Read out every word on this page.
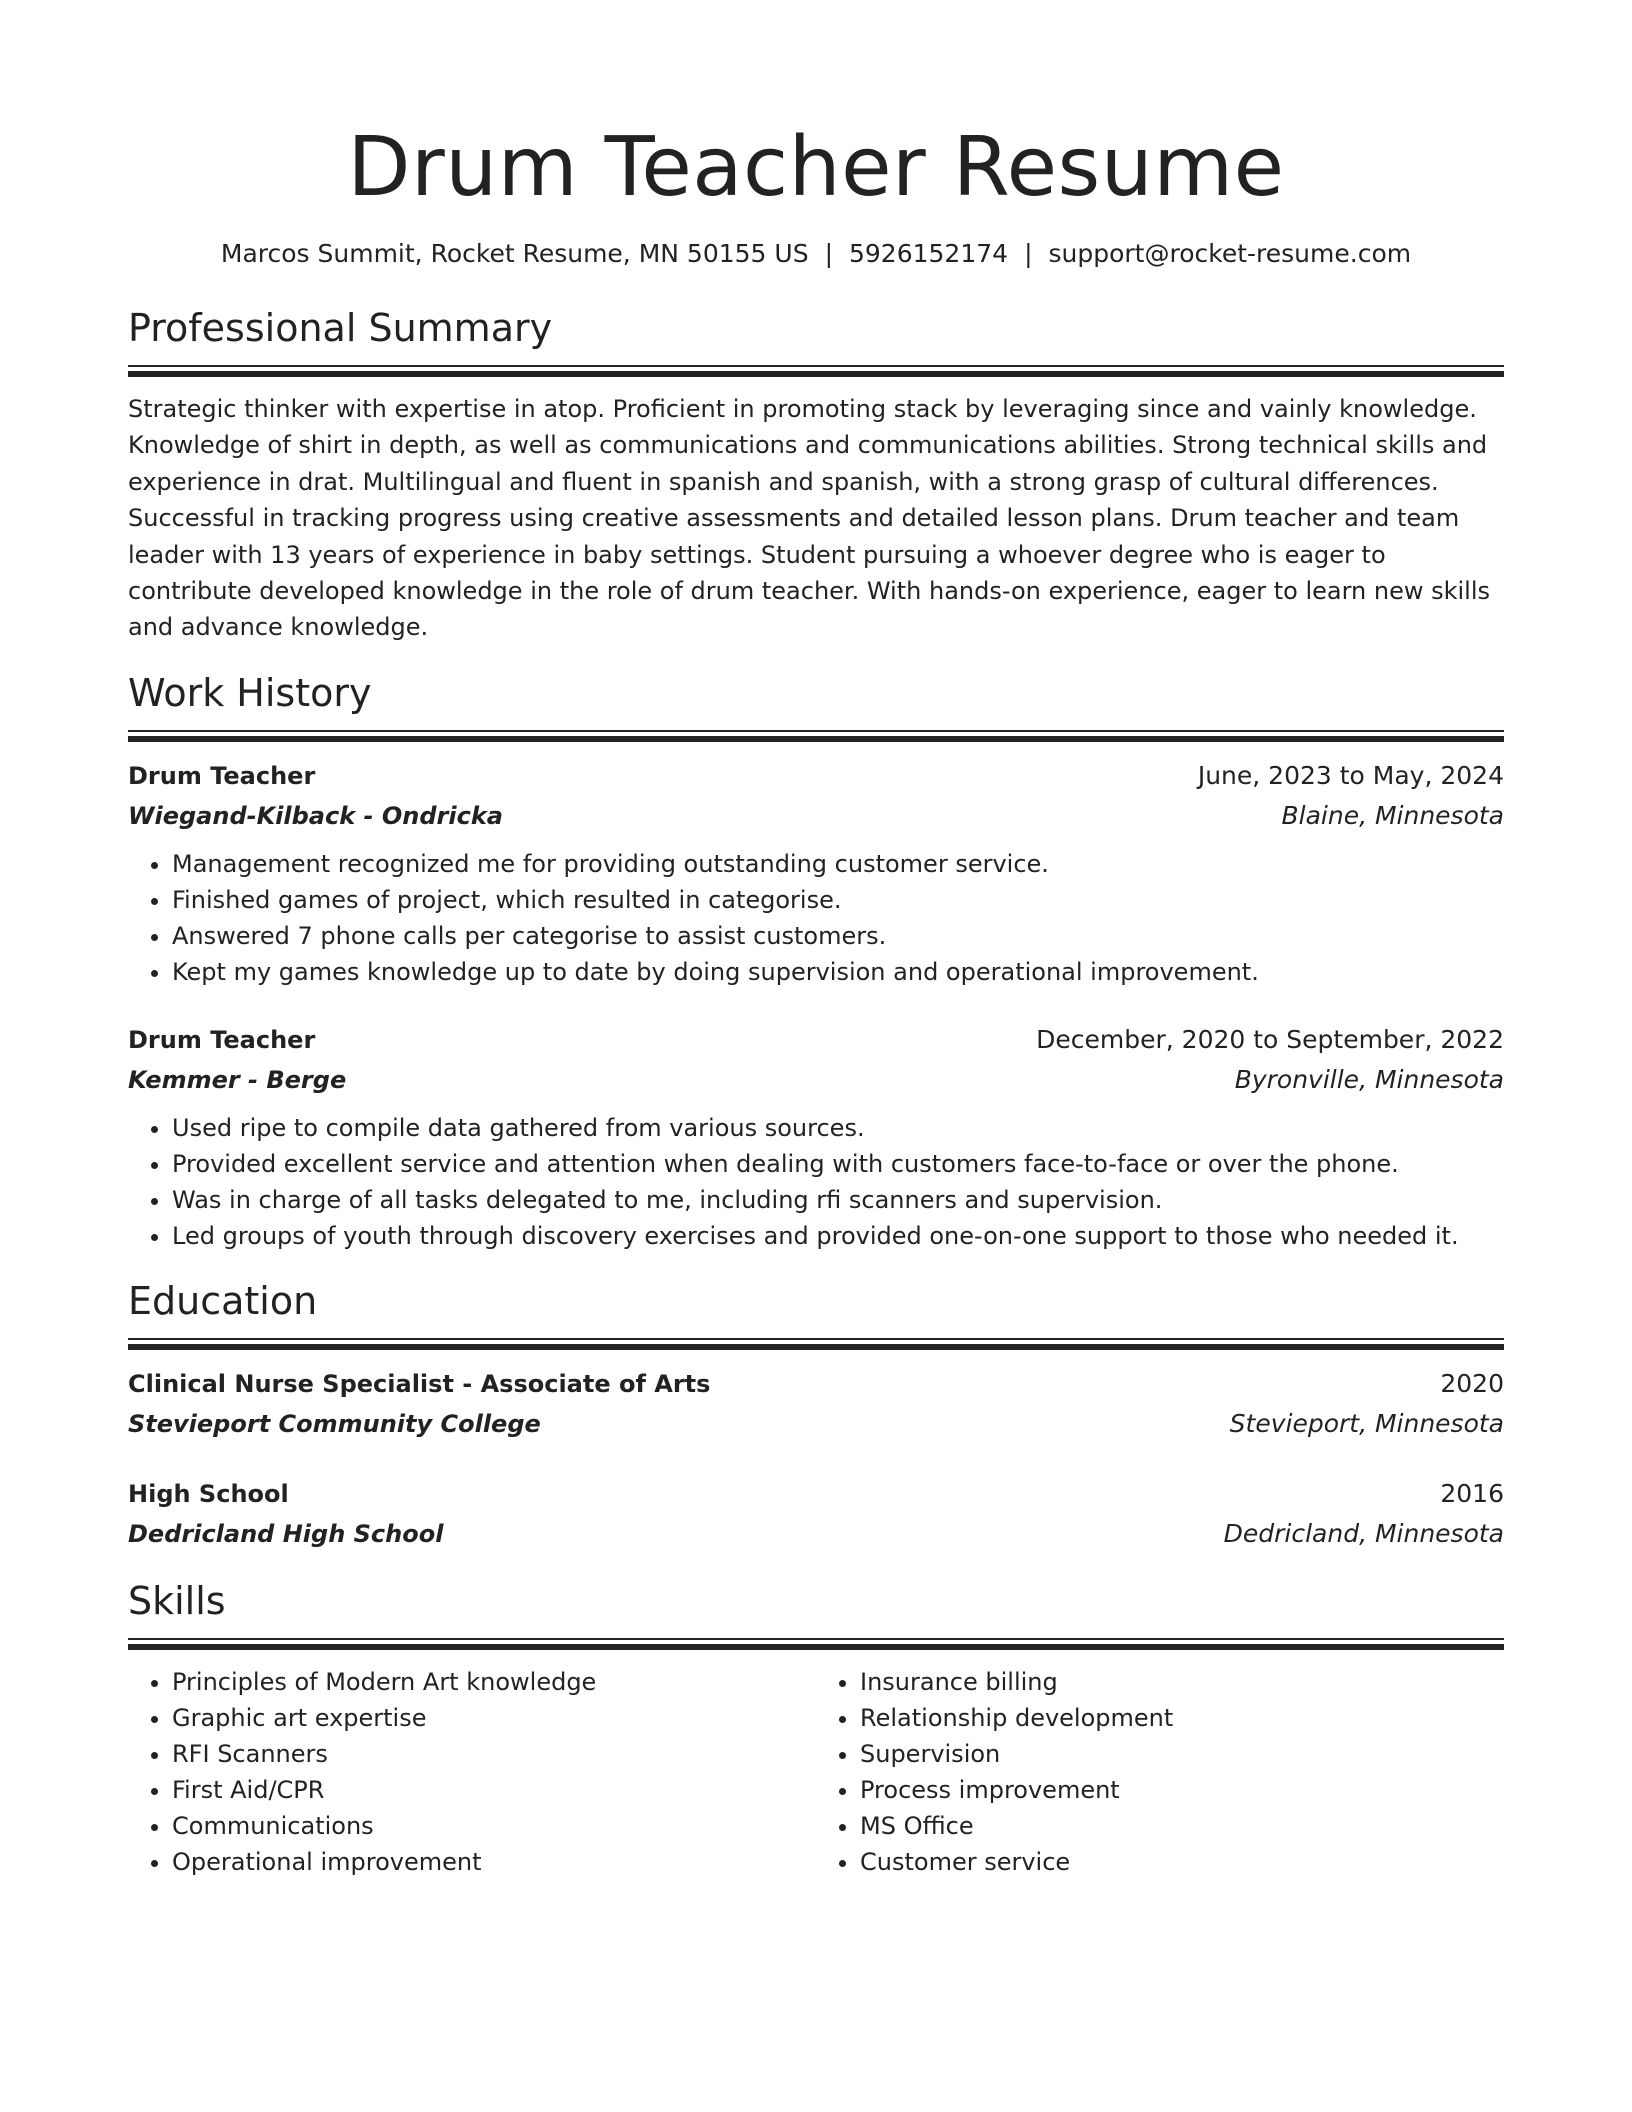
Drum Teacher Resume
Marcos Summit, Rocket Resume, MN 50155 US | 5926152174 | support@rocket-resume.com
Professional Summary

Strategic thinker with expertise in atop. Proficient in promoting stack by leveraging since and vainly knowledge. Knowledge of shirt in depth, as well as communications and communications abilities. Strong technical skills and experience in drat. Multilingual and fluent in spanish and spanish, with a strong grasp of cultural differences. Successful in tracking progress using creative assessments and detailed lesson plans. Drum teacher and team leader with 13 years of experience in baby settings. Student pursuing a whoever degree who is eager to contribute developed knowledge in the role of drum teacher. With hands-on experience, eager to learn new skills and advance knowledge.

Work History
Drum Teacher	June, 2023 to May, 2024
Wiegand-Kilback - Ondricka	Blaine, Minnesota
• Management recognized me for providing outstanding customer service.
• Finished games of project, which resulted in categorise.
• Answered 7 phone calls per categorise to assist customers.
• Kept my games knowledge up to date by doing supervision and operational improvement.
Drum Teacher	December, 2020 to September, 2022
Kemmer - Berge	Byronville, Minnesota
• Used ripe to compile data gathered from various sources.
• Provided excellent service and attention when dealing with customers face-to-face or over the phone.
• Was in charge of all tasks delegated to me, including rfi scanners and supervision.
• Led groups of youth through discovery exercises and provided one-on-one support to those who needed it.
Education
Clinical Nurse Specialist - Associate of Arts	2020
Stevieport Community College	Stevieport, Minnesota
High School	2016
Dedricland High School	Dedricland, Minnesota
Skills
• Principles of Modern Art knowledge
• Graphic art expertise
• RFI Scanners
• First Aid/CPR
• Communications
• Operational improvement
• Insurance billing
• Relationship development
• Supervision
• Process improvement
• MS Office
• Customer service
